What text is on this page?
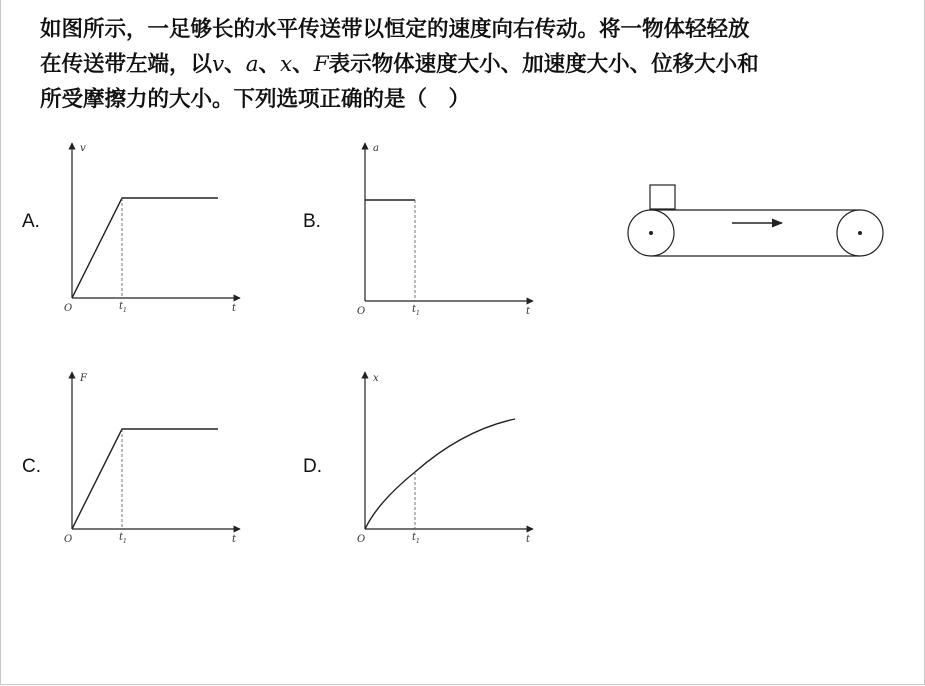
如图所示，一足够长的水平传送带以恒定的速度向右传动。将一物体轻轻放
在传送带左端，以v、a、x、F表示物体速度大小、加速度大小、位移大小和
所受摩擦力的大小。下列选项正确的是（　）
A.	B.
C.	D.
v
t
O	$t_1$
a
t
O	$t_1$
F
t
O	$t_1$
x
t
O	$t_1$
